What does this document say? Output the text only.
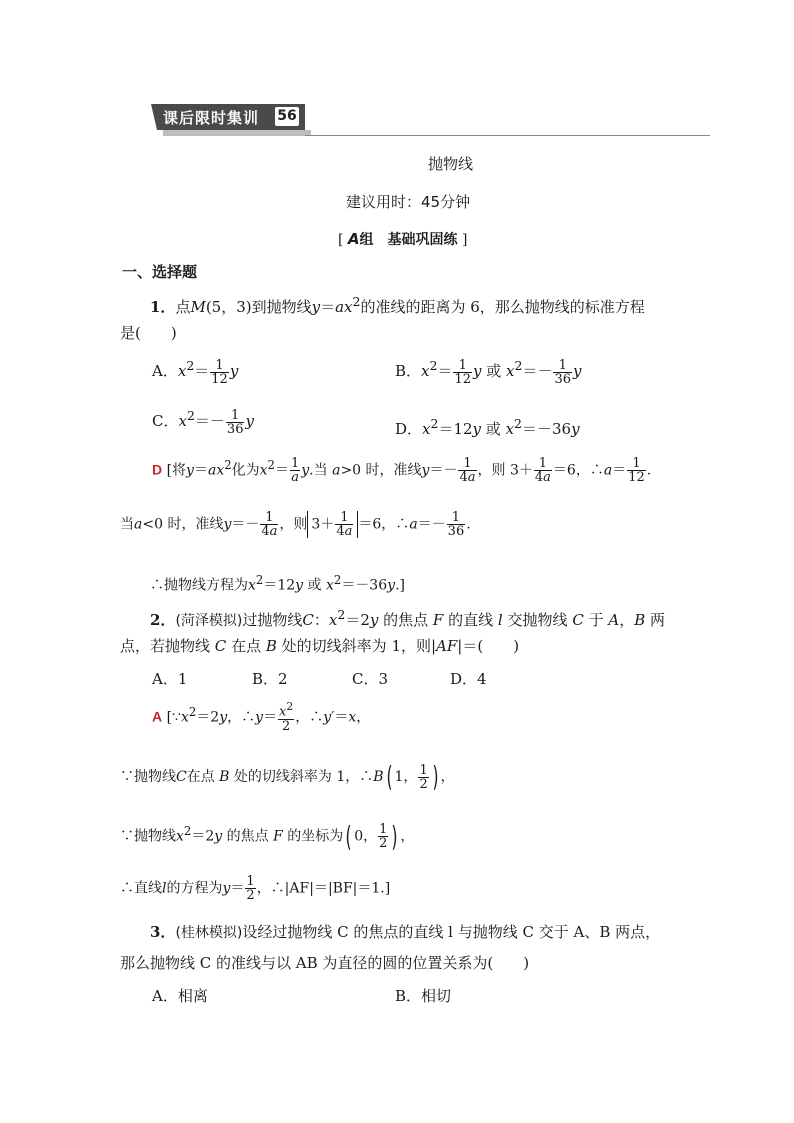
课后限时集训 56
抛物线
建议用时：45分钟
[ A组　基础巩固练 ]
一、选择题
1．点M(5，3)到抛物线$y=ax^2$的准线的距离为 6，那么抛物线的标准方程
是(　　)
A．$x^2= \frac{1}{12}$ y	B．$x^2= \frac{1}{12}$ y 或 $x^2=- \frac{1}{36}$ y
C．$x^2=- \frac{1}{36}$ y	D．$x^2=12y$ 或 $x^2=-36y$
D [将$y=ax^2$化为$x^2= \frac{1}{a} y$.当 a>0 时，准线$y=- \frac{1}{4a}$ ，则 $3+ \frac{1}{4a} =6$，∴a＝ $\frac{1}{12}$ .
当a<0 时，准线$y=- \frac{1}{4a}$ ，则 $3+ \frac{1}{4a} =6$，∴a＝－ $\frac{1}{36}$ .
∴抛物线方程为$x^2=12y$ 或 $x^2=-36y$.]
2．(菏泽模拟)过抛物线C：$x^2=2y$ 的焦点 F 的直线 l 交抛物线 C 于 A，B 两
点，若抛物线 C 在点 B 处的切线斜率为 1，则|AF|＝(　　)
A．1	B．2	C．3	D．4
A [$\because x^2=2y$，∴y＝ $\frac{x^2}{2}$ ，∴y′＝x，
∵抛物线C在点 B 处的切线斜率为 1，∴B( 1， $\frac{1}{2}$ ) ，
∵抛物线$x^2=2y$ 的焦点 F 的坐标为( 0， $\frac{1}{2}$ ) ，
∴直线l的方程为$y= \frac{1}{2}$ ，∴|AF|＝|BF|＝1.]
3．(桂林模拟)设经过抛物线 C 的焦点的直线 l 与抛物线 C 交于 A、B 两点，
那么抛物线 C 的准线与以 AB 为直径的圆的位置关系为(　　)
A．相离	B．相切
